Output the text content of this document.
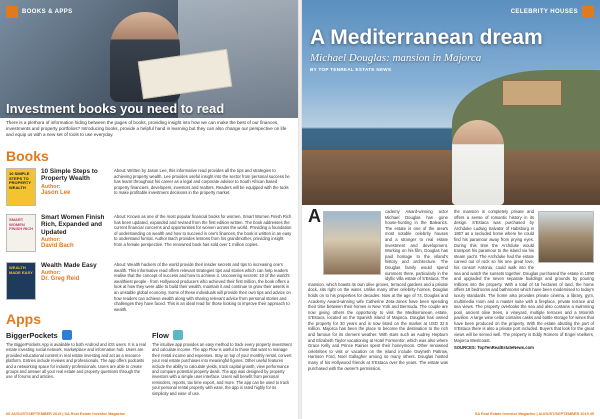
BOOKS & APPS
Investment books you need to read
There is a plethora of information hiding between the pages of books, providing insight into how we can make the best of our finances, investments and property portfolios? Introducing books, provide a helpful hand in learning but they can also change our perspective on life and equip us with a new set of tools to use everyday.
Books
10 SIMPLE STEPS TO PROPERTY WEALTH
10 Simple Steps to Property Wealth
Author:
Jason Lee
About: Written by Jason Lee, this informative read provides all the tips and strategies to achieving property wealth. Lee provides useful insight into the sector from personal success he has learnt throughout his career as a legal and corporate advisor to South African based property financiers, developers, investors and realtors. Readers will be equipped with the tools to make profitable investment decisions in the property market.
SMART WOMEN FINISH RICH
Smart Women Finish Rich, Expanded and Updated
Author:
David Bach
About: Known as one of the most popular financial books for women, Smart Women Finish Rich has been updated, expanded and revised from the first edition written. The book addresses the current financial concerns and opportunities for women across the world. Providing a foundation of understanding on wealth and how to succeed in one's finances, the book is written in an easy to understand format. Author Bach provides lessons from his grandmother, providing insight from a female perspective. The renowned book has sold over 1 million copies.
WEALTH MADE EASY
Wealth Made Easy
Author:
Dr. Greg Reid
About: Wealth hackers of the world provide their insider secrets and tips to increasing one's wealth. This informative read offers relevant strategies tips and stories which can help readers realise that the concept of success and how to achieve it. Uncovering secrets: 10 of the world's wealthiest people - from Hollywood producers who achieved their first million, the book offers a look at how they were able to build their wealth, maintain it and continue to grow their assets in an unstable global economy. Some of these individuals will provide their own tips and advice on how readers can achieve wealth along with sharing relevant advice from personal stories and challenges they have faced. This is an ideal read for those looking to improve their approach to wealth.
Apps
BiggerPockets
The BiggerPockets App is available to both Android and iOS users. It is a real estate investing social network, marketplace and information hub. Users are provided educational content in real estate investing and act as a resource platform. Entries include reviews and professionals. The app offers podcasts and a networking space for industry professionals. Users are able to create groups and answer all your real estate and property questions through the use of forums and articles.
Flow
The intuitive app provides an easy method to track every property investment and calculate income. The app Flow is useful to those that want to manage their rental income and expenses. Stay on top of your monthly rental, convert your real estate purchases into meaningful figures. Other useful features include the ability to calculate yields, track capital growth, view performance and compare potential property deals. The app was designed by property investors with a simple user interface. Users will benefit from personal reminders, reports, tax time export, and more. The app can be used to track your personal rental property with ease, the app is rated highly for its simplicity and ease of use.
66 AUGUST/SEPTEMBER 2019 | SA Real Estate Investor Magazine
CELEBRITY HOUSES
A Mediterranean dream
Michael Douglas: mansion in Majorca
BY TOP TENREAL ESTATE NEWS
A	cademy Award-winning actor Michael Douglas has gone house-hunting in the Balearics. The estate is one of the area's most notable celebrity houses and a stranger to real estate investment and development. Working on his film, Douglas has paid homage to the island's history and architecture. The Douglas family would spend summers there, particularly in the idyllic villa estate of S'Estaca. The mansion, which boasts its own olive groves, terraced gardens and a private dock, sits right on the water. Unlike many other celebrity homes, Douglas holds on to his properties for decades. Now at the age of 74, Douglas and Academy Award-winning wife Catherine Zeta-Jones have been spending their time between their homes in New York and Bermuda. The couple are now giving others the opportunity to visit the Mediterranean estate, S'Estaca, located on the Spanish island of Majorca. Douglas has owned the property for 30 years and is now listed on the market at USD 32.5 million. Majorca has been the place to become the destination to the rich and famous for its clement weather. With stars such as Audrey Hepburn and Elizabeth Taylor vacationing at Hotel Formentor, which was also where Grace Kelly and Prince Rainier spent their honeymoon. Other renowned celebrities to visit or vacation on the island include Gwyneth Paltrow, Harrison Ford, Noel Gallagher among so many others. Douglas hosted many of his Hollywood friends at S'Estaca over the years. The estate was purchased with the owner's permission.
the mansion is completely private and offers a sense of romantic history in its design. S'Estaca was purchased by Archduke Ludwig Salvator of Habsburg in 1867 as a secluded home where he could find his paramour away from prying eyes. During this time the Archduke would transport his paramour to the island via his steam yacht. The Archduke had the estate carved out of rock so his one great love, his consort Antonia, could walk into the sea and watch the sunsets together. Douglas purchased the estate in 1990 and upgraded the seven separate buildings and grounds by pouring millions into the property. With a total of 16 hectares of land, the home offers 18 bedrooms and bathrooms which have been modernised to today's luxury standards. The home also provides private cinema, a library, gym, multimedia room and a master suite with a fireplace, private terrace and sea views. The property overlooks the sea and also contains a swimming pool, ancient olive trees, a vineyard, multiple terraces and a Moorish pavilion. A large wine cellar contains casks and bottle storage for wines that have been produced on the property. With the estate abutting the port of S'Estaca there is also a private port included. Buyers that look for the great views will be served well. The property is Eddy Romero of Engel Voelkers, Majorca Westcoast.
SOURCES: TopTenRealEstateNews.com
SA Real Estate Investor Magazine | AUGUST/SEPTEMBER 2019 49
